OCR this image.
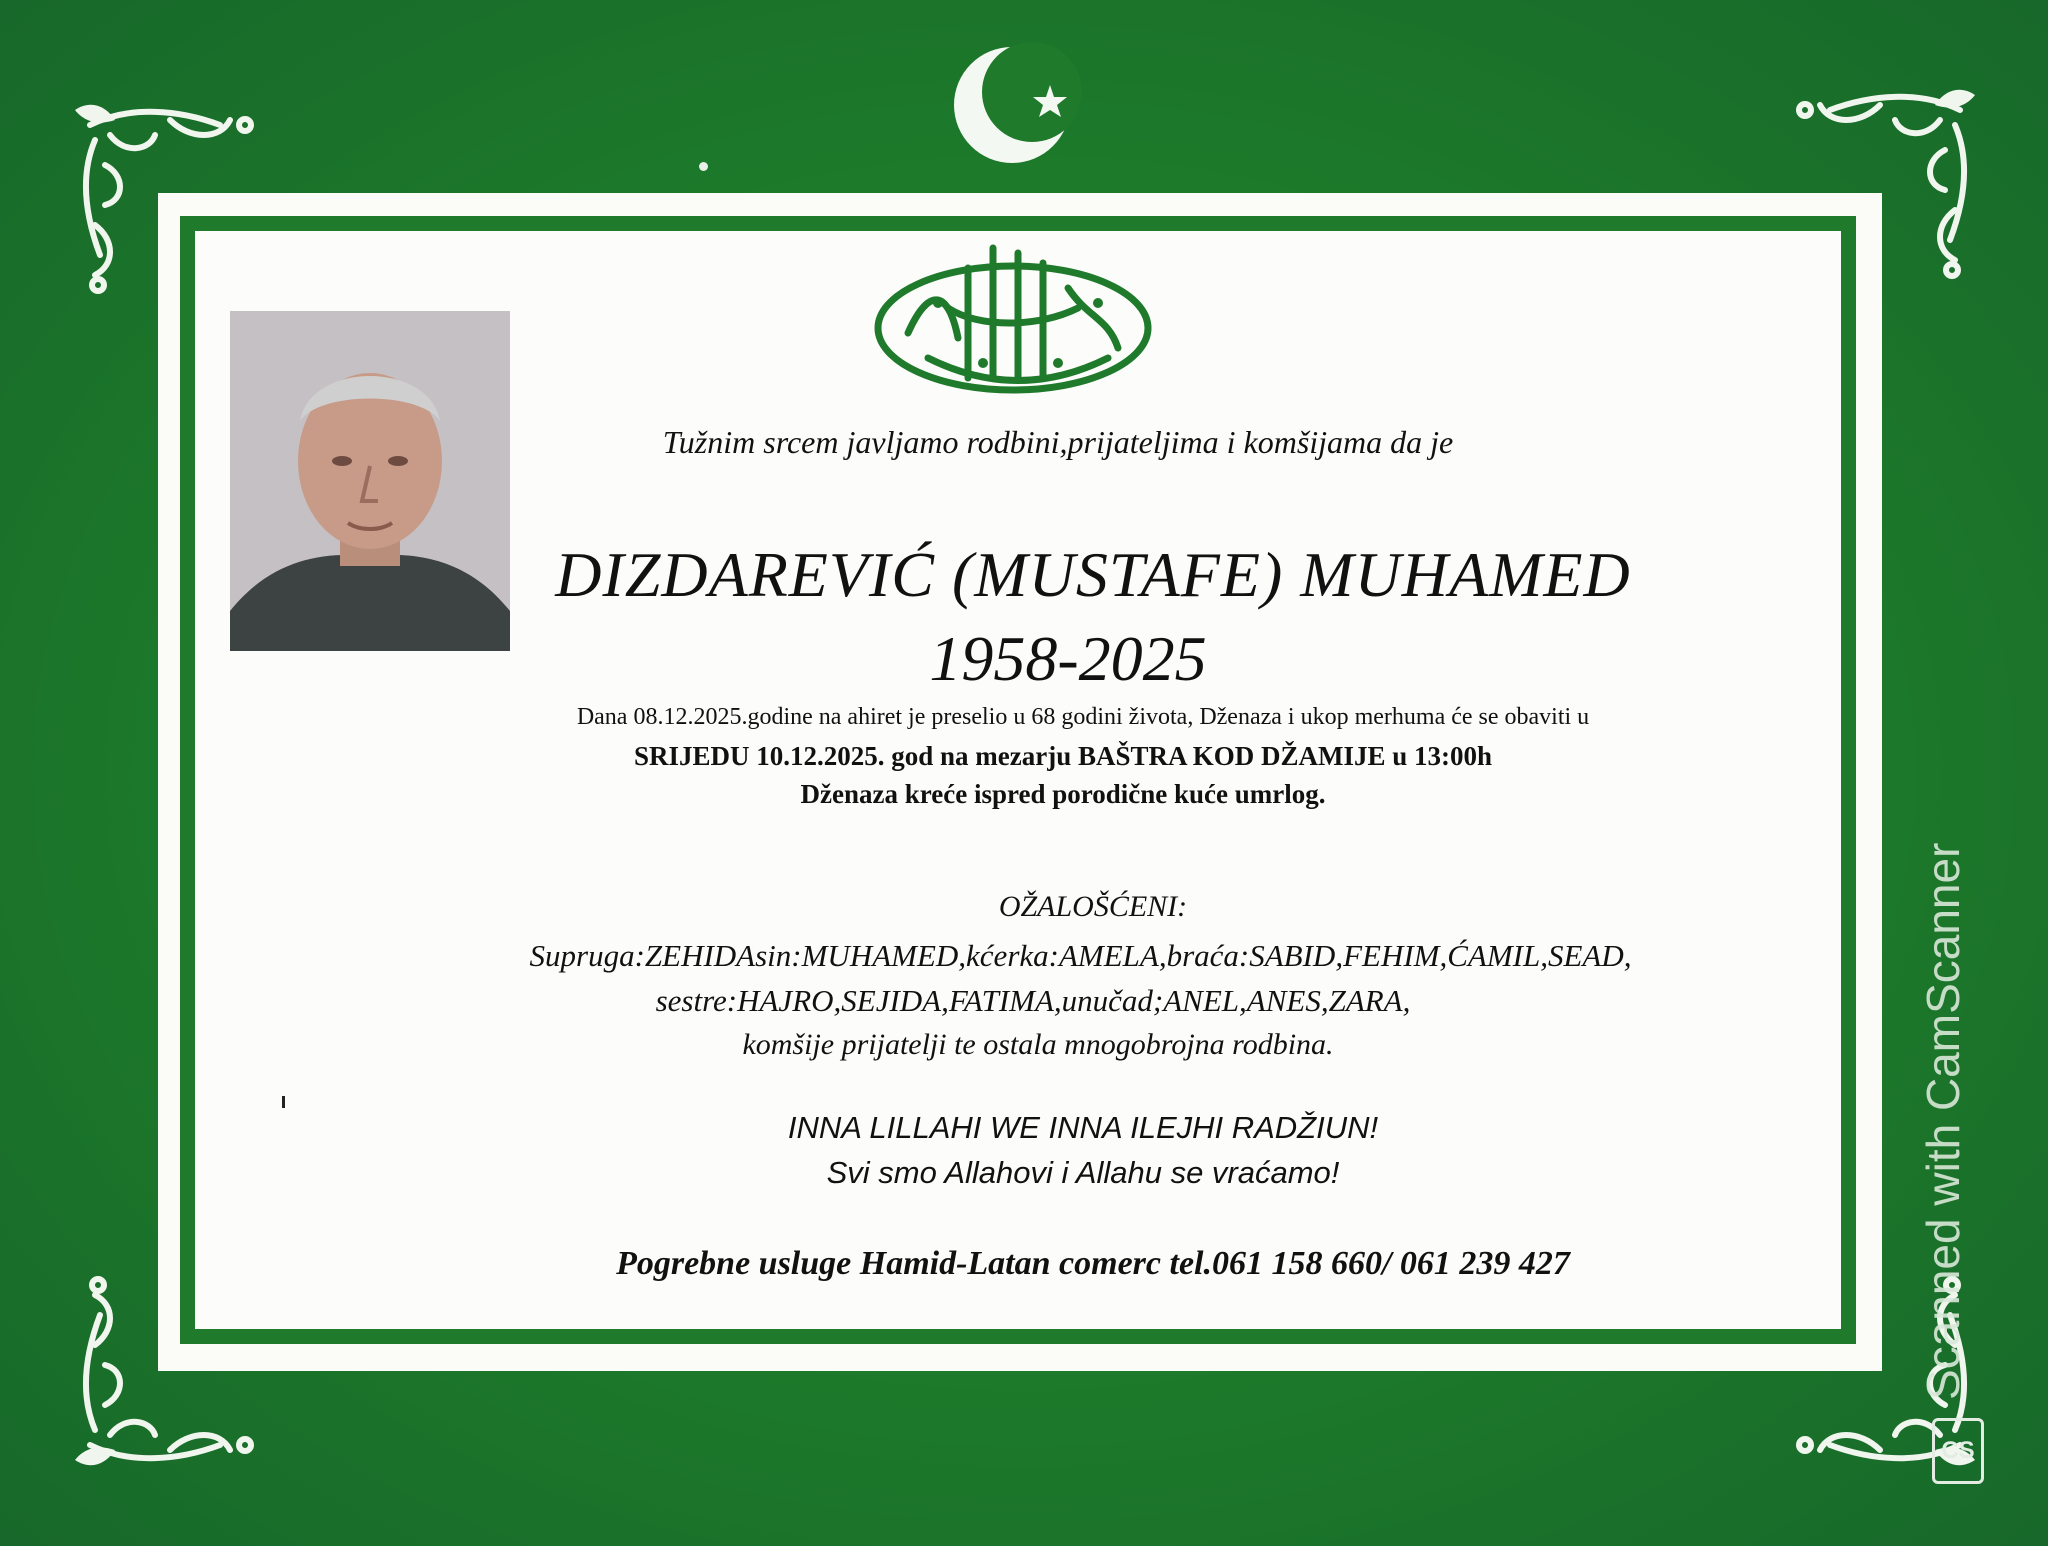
Tužnim srcem javljamo rodbini,prijateljima i komšijama da je
DIZDAREVIĆ (MUSTAFE) MUHAMED
1958-2025
Dana 08.12.2025.godine na ahiret je preselio u 68 godini života, Dženaza i ukop merhuma će se obaviti u
SRIJEDU 10.12.2025. god na mezarju BAŠTRA KOD DŽAMIJE u 13:00h
Dženaza kreće ispred porodične kuće umrlog.
OŽALOŠĆENI:
Supruga:ZEHIDAsin:MUHAMED,kćerka:AMELA,braća:SABID,FEHIM,ĆAMIL,SEAD,
sestre:HAJRO,SEJIDA,FATIMA,unučad;ANEL,ANES,ZARA,
komšije prijatelji te ostala mnogobrojna rodbina.
INNA LILLAHI WE INNA ILEJHI RADŽIUN!
Svi smo Allahovi i Allahu se vraćamo!
Pogrebne usluge Hamid-Latan comerc tel.061 158 660/ 061 239 427	Scanned with CamScanner
CS
